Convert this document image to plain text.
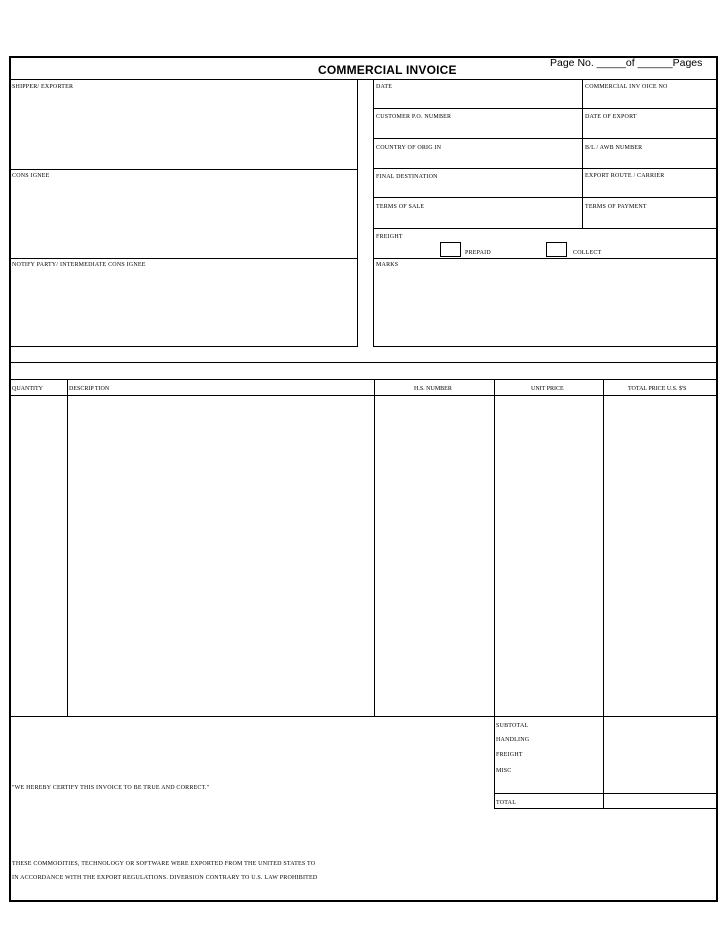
COMMERCIAL INVOICE	Page No. _____of ______Pages
SHIPPER/ EXPORTER
CONS IGNEE
NOTIFY PARTY/ INTERMEDIATE CONS IGNEE
DATE	COMMERCIAL INV OICE NO
CUSTOMER P.O. NUMBER	DATE OF EXPORT
COUNTRY OF ORIG IN	B/L / AWB NUMBER
FINAL DESTINATION	EXPORT ROUTE / CARRIER
TERMS OF SALE	TERMS OF PAYMENT
FREIGHT
PREPAID	COLLECT
MARKS
QUANTITY	DESCRIP TION	H.S. NUMBER	UNIT PRICE	TOTAL PRICE U.S. $'S
SUBTOTAL
HANDLING
FREIGHT
MISC
TOTAL
"WE HEREBY CERTIFY THIS INVOICE TO BE TRUE AND CORRECT."
THESE COMMODITIES, TECHNOLOGY OR SOFTWARE WERE EXPORTED FROM THE UNITED STATES TO
IN ACCORDANCE WITH THE EXPORT REGULATIONS. DIVERSION CONTRARY TO U.S. LAW PROHIBITED
